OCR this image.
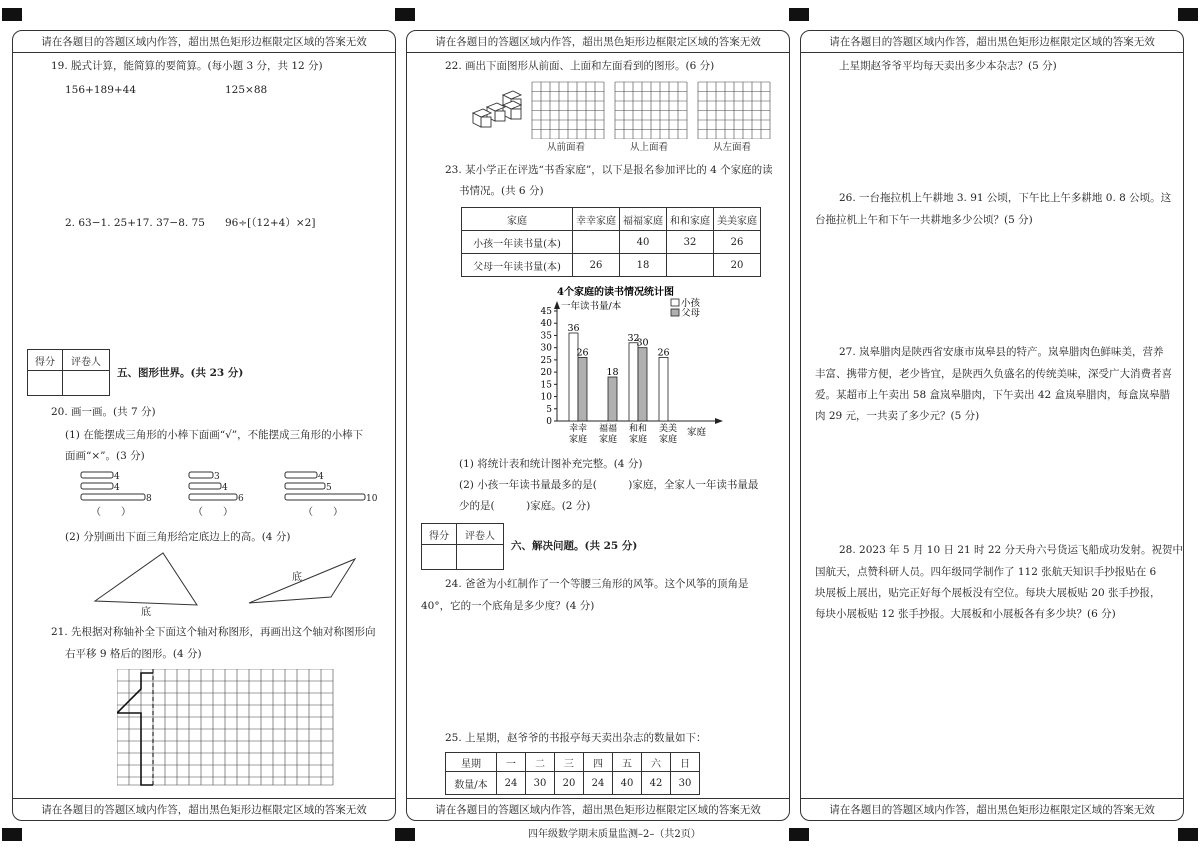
请在各题目的答题区域内作答，超出黑色矩形边框限定区域的答案无效
请在各题目的答题区域内作答，超出黑色矩形边框限定区域的答案无效
19. 脱式计算，能简算的要简算。(每小题 3 分，共 12 分)
156+189+44	125×88
2. 63−1. 25+17. 37−8. 75 96÷[（12+4）×2]
得分	评卷人

五、图形世界。(共 23 分)
20. 画一画。(共 7 分)
(1) 在能摆成三角形的小棒下面画“√”，不能摆成三角形的小棒下
面画“×”。(3 分)
4
4
8
3
4
6
4
5
10
（　　）	（　　）	（　　）
(2) 分别画出下面三角形给定底边上的高。(4 分)
底
底
21. 先根据对称轴补全下面这个轴对称图形，再画出这个轴对称图形向
右平移 9 格后的图形。(4 分)
请在各题目的答题区域内作答，超出黑色矩形边框限定区域的答案无效
请在各题目的答题区域内作答，超出黑色矩形边框限定区域的答案无效
22. 画出下面图形从前面、上面和左面看到的图形。(6 分)
从前面看	从上面看	从左面看
23. 某小学正在评选“书香家庭”，以下是报名参加评比的 4 个家庭的读
书情况。(共 6 分)
家庭	幸幸家庭	福福家庭	和和家庭	美美家庭
小孩一年读书量(本)		40	32	26
父母一年读书量(本)	26	18		20
4个家庭的读书情况统计图
一年读书量/本
家庭
0
5
10
15
20
25
30
35
40
45
小孩
父母
36
26
幸幸
家庭
18
福福
家庭
32
30
和和
家庭
26
美美
家庭
(1) 将统计表和统计图补充完整。(4 分)
(2) 小孩一年读书量最多的是(　　　)家庭，全家人一年读书量最
少的是(　　　)家庭。(2 分)
得分	评卷人

六、解决问题。(共 25 分)
24. 爸爸为小红制作了一个等腰三角形的风筝。这个风筝的顶角是
40°，它的一个底角是多少度？(4 分)
25. 上星期，赵爷爷的书报亭每天卖出杂志的数量如下：
星期	一	二	三	四	五	六	日
数量/本	24	30	20	24	40	42	30
请在各题目的答题区域内作答，超出黑色矩形边框限定区域的答案无效
请在各题目的答题区域内作答，超出黑色矩形边框限定区域的答案无效
上星期赵爷爷平均每天卖出多少本杂志？(5 分)
26. 一台拖拉机上午耕地 3. 91 公顷，下午比上午多耕地 0. 8 公顷。这
台拖拉机上午和下午一共耕地多少公顷？(5 分)
27. 岚皋腊肉是陕西省安康市岚皋县的特产。岚皋腊肉色鲜味美，营养
丰富、携带方便，老少皆宜，是陕西久负盛名的传统美味，深受广大消费者喜
爱。某超市上午卖出 58 盒岚皋腊肉，下午卖出 42 盒岚皋腊肉，每盒岚皋腊
肉 29 元，一共卖了多少元？(5 分)
28. 2023 年 5 月 10 日 21 时 22 分天舟六号货运飞船成功发射。祝贺中
国航天，点赞科研人员。四年级同学制作了 112 张航天知识手抄报贴在 6
块展板上展出，贴完正好每个展板没有空位。每块大展板贴 20 张手抄报，
每块小展板贴 12 张手抄报。大展板和小展板各有多少块？(6 分)
四年级数学期末质量监测–2–（共2页）
